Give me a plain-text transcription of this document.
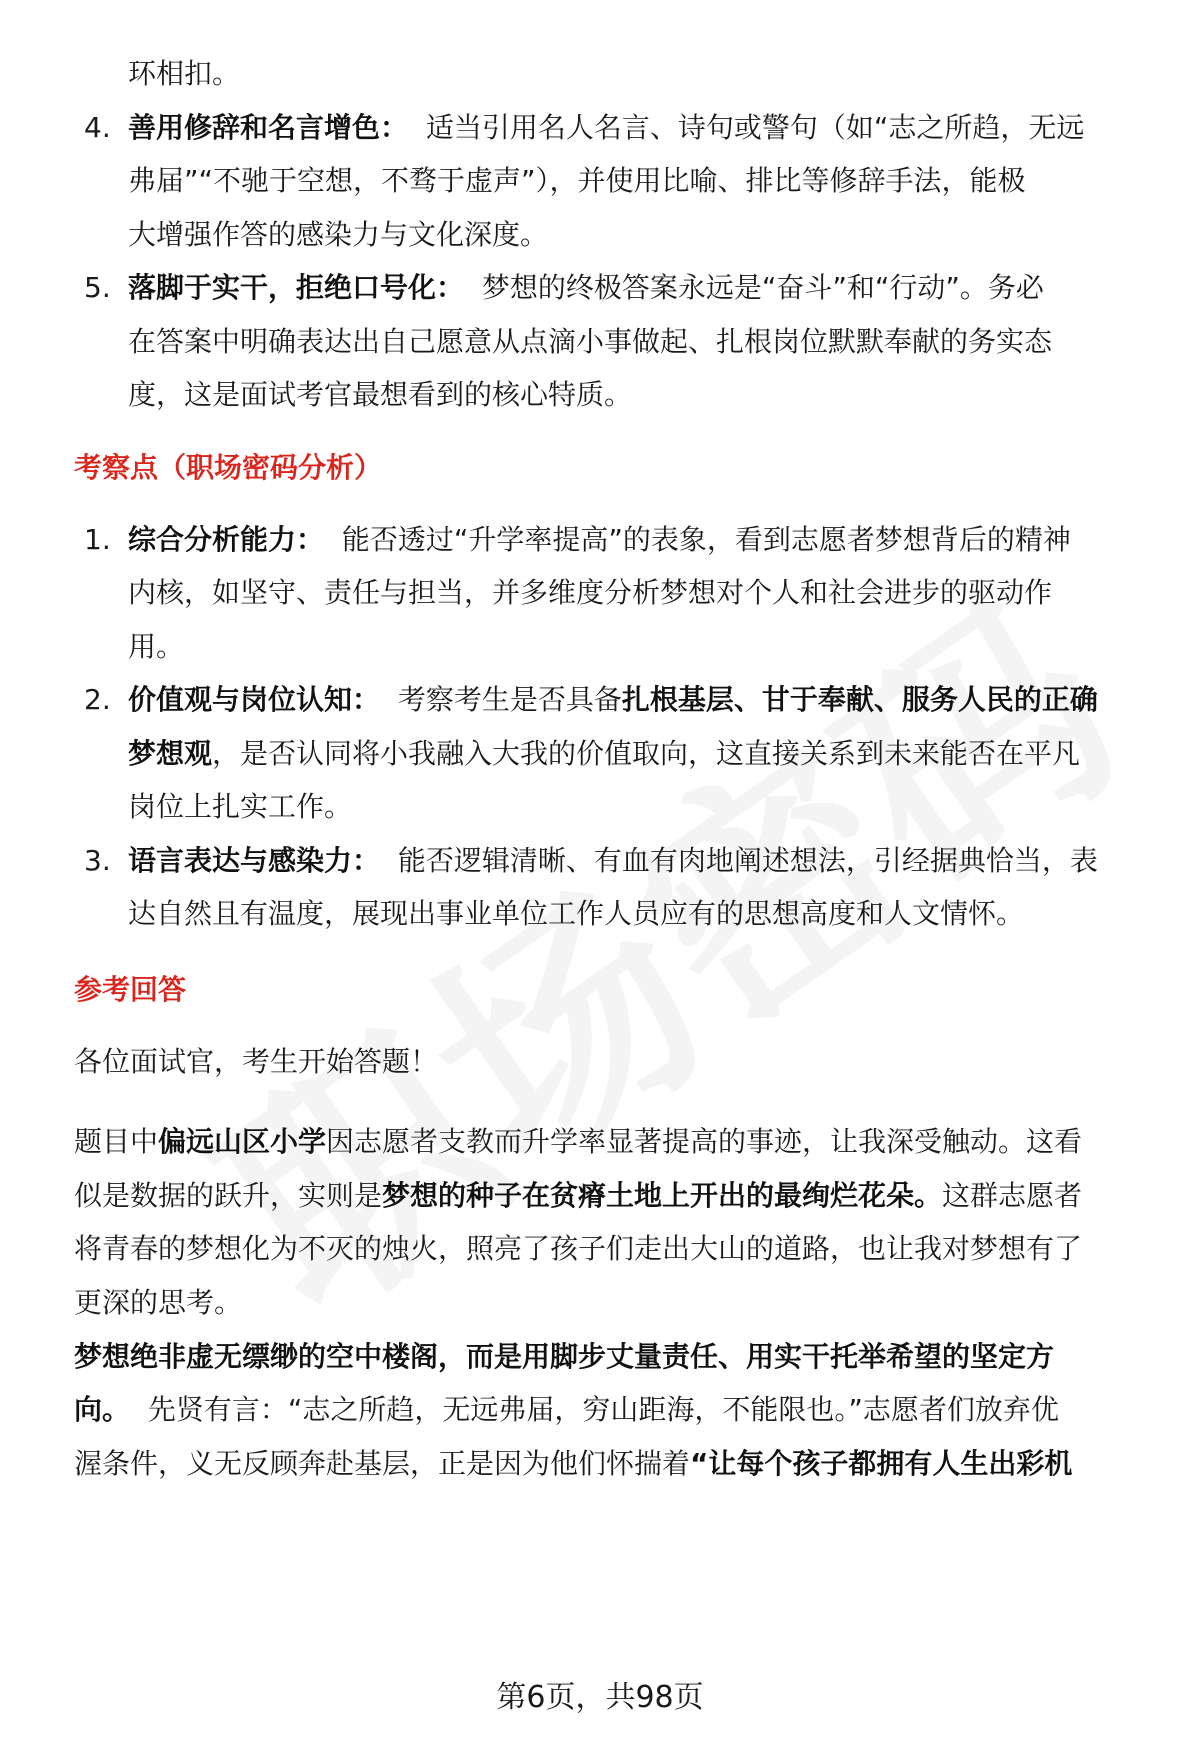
环相扣。
4. 善用修辞和名言增色： 适当引用名人名言、诗句或警句（如“志之所趋，无远
弗届”“不驰于空想，不骛于虚声”），并使用比喻、排比等修辞手法，能极
大增强作答的感染力与文化深度。
5. 落脚于实干，拒绝口号化： 梦想的终极答案永远是“奋斗”和“行动”。务必
在答案中明确表达出自己愿意从点滴小事做起、扎根岗位默默奉献的务实态
度，这是面试考官最想看到的核心特质。
考察点（职场密码分析）
1. 综合分析能力： 能否透过“升学率提高”的表象，看到志愿者梦想背后的精神
内核，如坚守、责任与担当，并多维度分析梦想对个人和社会进步的驱动作
用。
2. 价值观与岗位认知： 考察考生是否具备扎根基层、甘于奉献、服务人民的正确
梦想观，是否认同将小我融入大我的价值取向，这直接关系到未来能否在平凡
岗位上扎实工作。
3. 语言表达与感染力： 能否逻辑清晰、有血有肉地阐述想法，引经据典恰当，表
达自然且有温度，展现出事业单位工作人员应有的思想高度和人文情怀。
参考回答
各位面试官，考生开始答题！
题目中偏远山区小学因志愿者支教而升学率显著提高的事迹，让我深受触动。这看
似是数据的跃升，实则是梦想的种子在贫瘠土地上开出的最绚烂花朵。这群志愿者
将青春的梦想化为不灭的烛火，照亮了孩子们走出大山的道路，也让我对梦想有了
更深的思考。
梦想绝非虚无缥缈的空中楼阁，而是用脚步丈量责任、用实干托举希望的坚定方
向。 先贤有言：“志之所趋，无远弗届，穷山距海，不能限也。”志愿者们放弃优
渥条件，义无反顾奔赴基层，正是因为他们怀揣着“让每个孩子都拥有人生出彩机
第6页，共98页
